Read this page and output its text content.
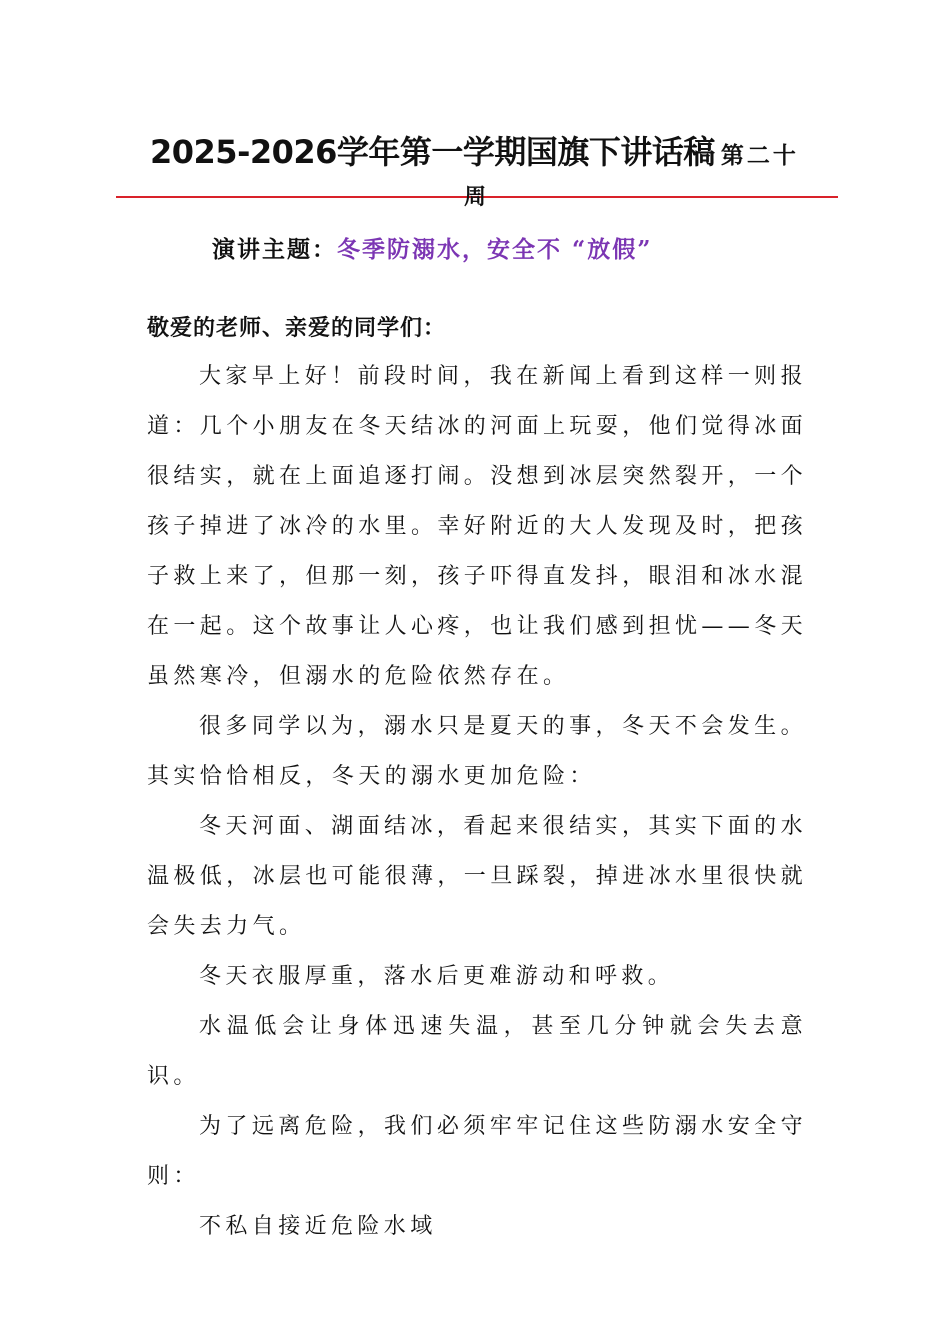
2025-2026学年第一学期国旗下讲话稿 第二十
周
演讲主题：冬季防溺水，安全不 “放假”
敬爱的老师、亲爱的同学们：

大家早上好！前段时间，我在新闻上看到这样一则报道：几个小朋友在冬天结冰的河面上玩耍，他们觉得冰面很结实，就在上面追逐打闹。没想到冰层突然裂开，一个孩子掉进了冰冷的水里。幸好附近的大人发现及时，把孩子救上来了，但那一刻，孩子吓得直发抖，眼泪和冰水混在一起。这个故事让人心疼，也让我们感到担忧——冬天虽然寒冷，但溺水的危险依然存在。

很多同学以为，溺水只是夏天的事，冬天不会发生。其实恰恰相反，冬天的溺水更加危险：

冬天河面、湖面结冰，看起来很结实，其实下面的水温极低，冰层也可能很薄，一旦踩裂，掉进冰水里很快就会失去力气。

冬天衣服厚重，落水后更难游动和呼救。

水温低会让身体迅速失温，甚至几分钟就会失去意识。

为了远离危险，我们必须牢牢记住这些防溺水安全守则：

不私自接近危险水域
